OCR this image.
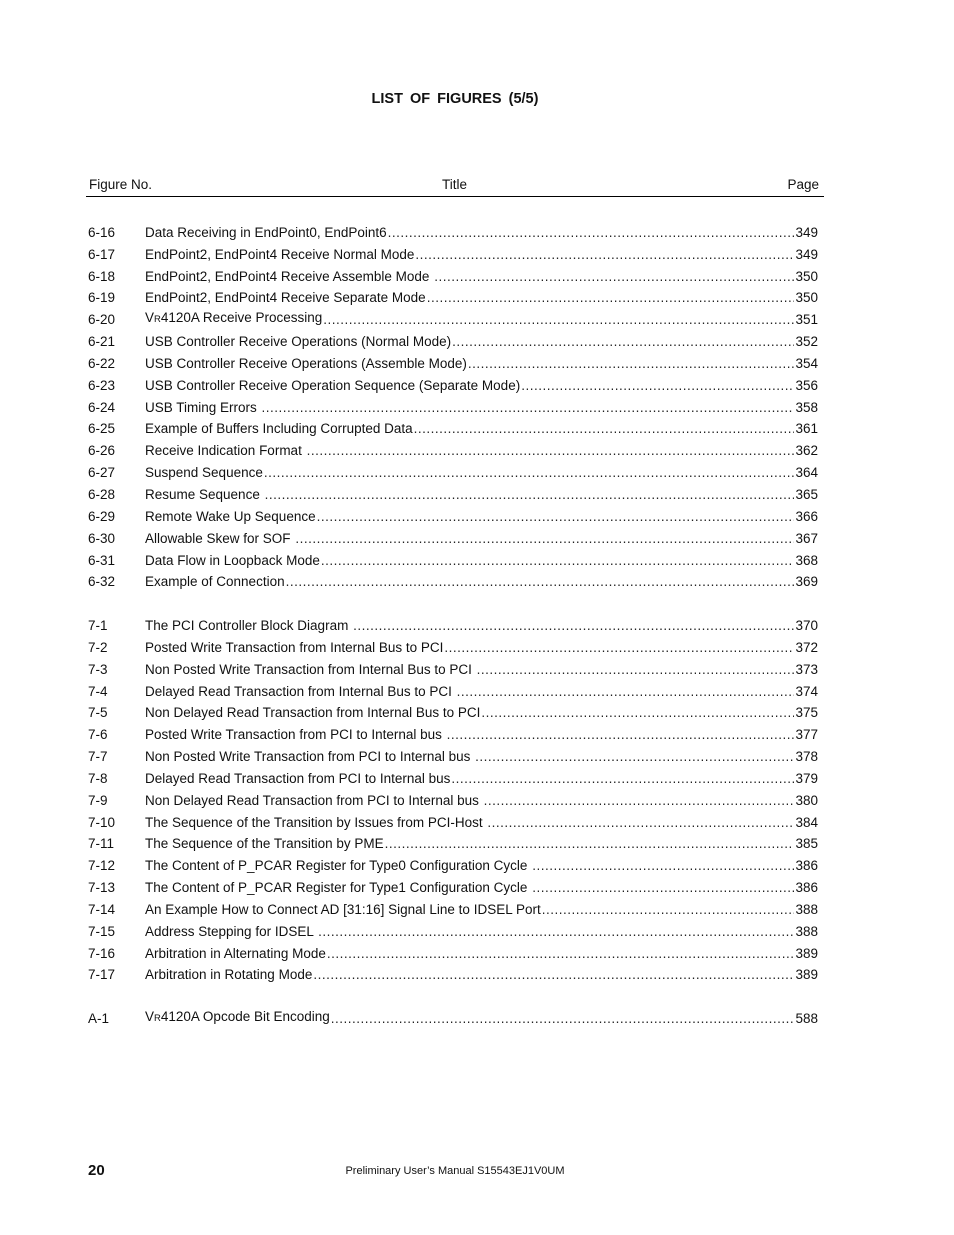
LIST OF FIGURES (5/5)
Figure No.	Title	Page
6-16	Data Receiving in EndPoint0, EndPoint6 .....	349
6-17	EndPoint2, EndPoint4 Receive Normal Mode .....	349
6-18	EndPoint2, EndPoint4 Receive Assemble Mode .....	350
6-19	EndPoint2, EndPoint4 Receive Separate Mode .....	350
6-20	VR4120A Receive Processing .....	351
6-21	USB Controller Receive Operations (Normal Mode) .....	352
6-22	USB Controller Receive Operations (Assemble Mode) .....	354
6-23	USB Controller Receive Operation Sequence (Separate Mode) .....	356
6-24	USB Timing Errors .....	358
6-25	Example of Buffers Including Corrupted Data .....	361
6-26	Receive Indication Format .....	362
6-27	Suspend Sequence .....	364
6-28	Resume Sequence .....	365
6-29	Remote Wake Up Sequence .....	366
6-30	Allowable Skew for SOF .....	367
6-31	Data Flow in Loopback Mode .....	368
6-32	Example of Connection .....	369
7-1	The PCI Controller Block Diagram .....	370
7-2	Posted Write Transaction from Internal Bus to PCI .....	372
7-3	Non Posted Write Transaction from Internal Bus to PCI .....	373
7-4	Delayed Read Transaction from Internal Bus to PCI .....	374
7-5	Non Delayed Read Transaction from Internal Bus to PCI .....	375
7-6	Posted Write Transaction from PCI to Internal bus .....	377
7-7	Non Posted Write Transaction from PCI to Internal bus .....	378
7-8	Delayed Read Transaction from PCI to Internal bus .....	379
7-9	Non Delayed Read Transaction from PCI to Internal bus .....	380
7-10	The Sequence of the Transition by Issues from PCI-Host .....	384
7-11	The Sequence of the Transition by PME .....	385
7-12	The Content of P_PCAR Register for Type0 Configuration Cycle .....	386
7-13	The Content of P_PCAR Register for Type1 Configuration Cycle .....	386
7-14	An Example How to Connect AD [31:16] Signal Line to IDSEL Port .....	388
7-15	Address Stepping for IDSEL .....	388
7-16	Arbitration in Alternating Mode .....	389
7-17	Arbitration in Rotating Mode .....	389
A-1	VR4120A Opcode Bit Encoding .....	588
20	Preliminary User’s Manual S15543EJ1V0UM
